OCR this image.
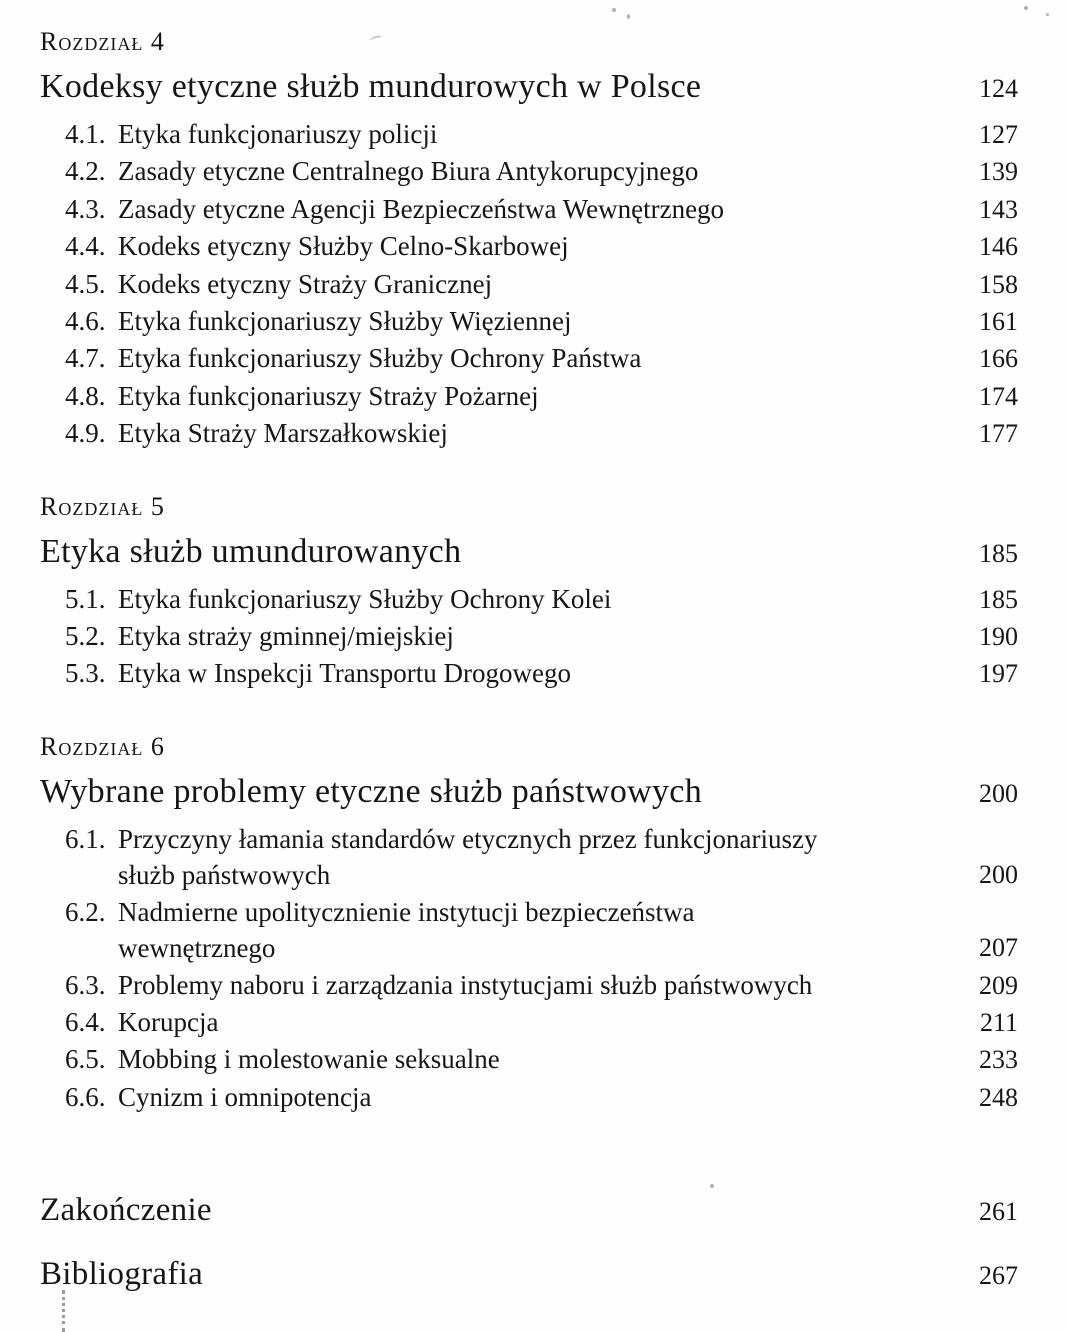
Rozdział 4
Kodeksy etyczne służb mundurowych w Polsce	124
4.1. Etyka funkcjonariuszy policji	127
4.2. Zasady etyczne Centralnego Biura Antykorupcyjnego	139
4.3. Zasady etyczne Agencji Bezpieczeństwa Wewnętrznego	143
4.4. Kodeks etyczny Służby Celno-Skarbowej	146
4.5. Kodeks etyczny Straży Granicznej	158
4.6. Etyka funkcjonariuszy Służby Więziennej	161
4.7. Etyka funkcjonariuszy Służby Ochrony Państwa	166
4.8. Etyka funkcjonariuszy Straży Pożarnej	174
4.9. Etyka Straży Marszałkowskiej	177
Rozdział 5
Etyka służb umundurowanych	185
5.1. Etyka funkcjonariuszy Służby Ochrony Kolei	185
5.2. Etyka straży gminnej/miejskiej	190
5.3. Etyka w Inspekcji Transportu Drogowego	197
Rozdział 6
Wybrane problemy etyczne służb państwowych	200
6.1. Przyczyny łamania standardów etycznych przez funkcjonariuszy
służb państwowych	200
6.2. Nadmierne upolitycznienie instytucji bezpieczeństwa
wewnętrznego	207
6.3. Problemy naboru i zarządzania instytucjami służb państwowych	209
6.4. Korupcja	211
6.5. Mobbing i molestowanie seksualne	233
6.6. Cynizm i omnipotencja	248
Zakończenie	261
Bibliografia	267
